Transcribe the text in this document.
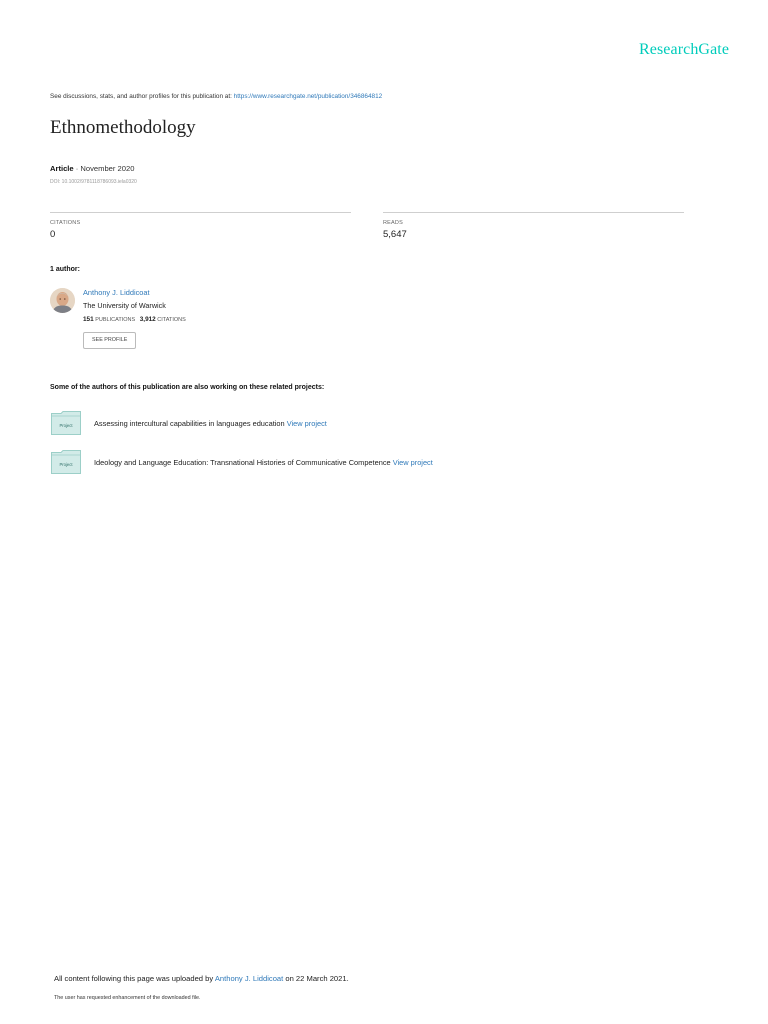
ResearchGate
See discussions, stats, and author profiles for this publication at: https://www.researchgate.net/publication/346864812
Ethnomethodology
Article · November 2020
DOI: 10.1002/9781118786093.iela0320
CITATIONS
0
READS
5,647
1 author:
Anthony J. Liddicoat
The University of Warwick
151 PUBLICATIONS 3,912 CITATIONS
SEE PROFILE
Some of the authors of this publication are also working on these related projects:
Project	Assessing intercultural capabilities in languages education View project
Project	Ideology and Language Education: Transnational Histories of Communicative Competence View project
All content following this page was uploaded by Anthony J. Liddicoat on 22 March 2021.
The user has requested enhancement of the downloaded file.
